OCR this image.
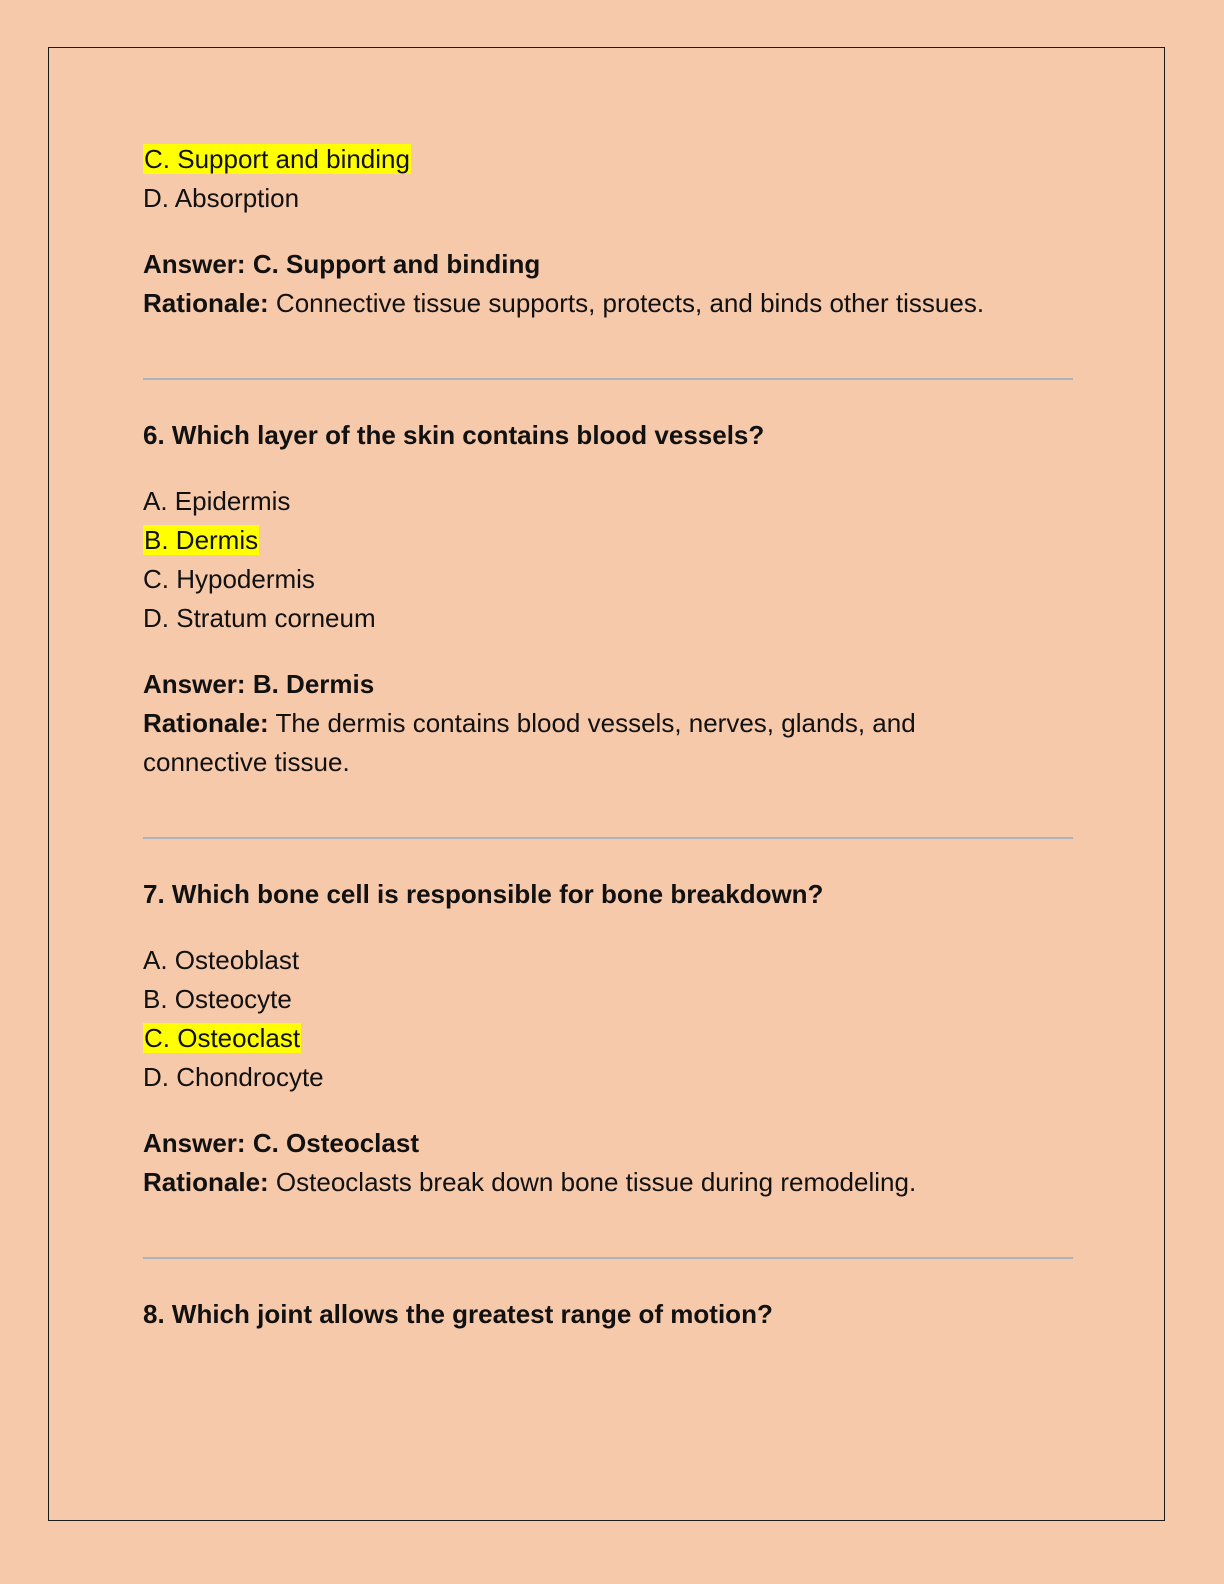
C. Support and binding
D. Absorption
Answer: C. Support and binding
Rationale: Connective tissue supports, protects, and binds other tissues.
6. Which layer of the skin contains blood vessels?
A. Epidermis
B. Dermis
C. Hypodermis
D. Stratum corneum
Answer: B. Dermis
Rationale: The dermis contains blood vessels, nerves, glands, and connective tissue.
7. Which bone cell is responsible for bone breakdown?
A. Osteoblast
B. Osteocyte
C. Osteoclast
D. Chondrocyte
Answer: C. Osteoclast
Rationale: Osteoclasts break down bone tissue during remodeling.
8. Which joint allows the greatest range of motion?
